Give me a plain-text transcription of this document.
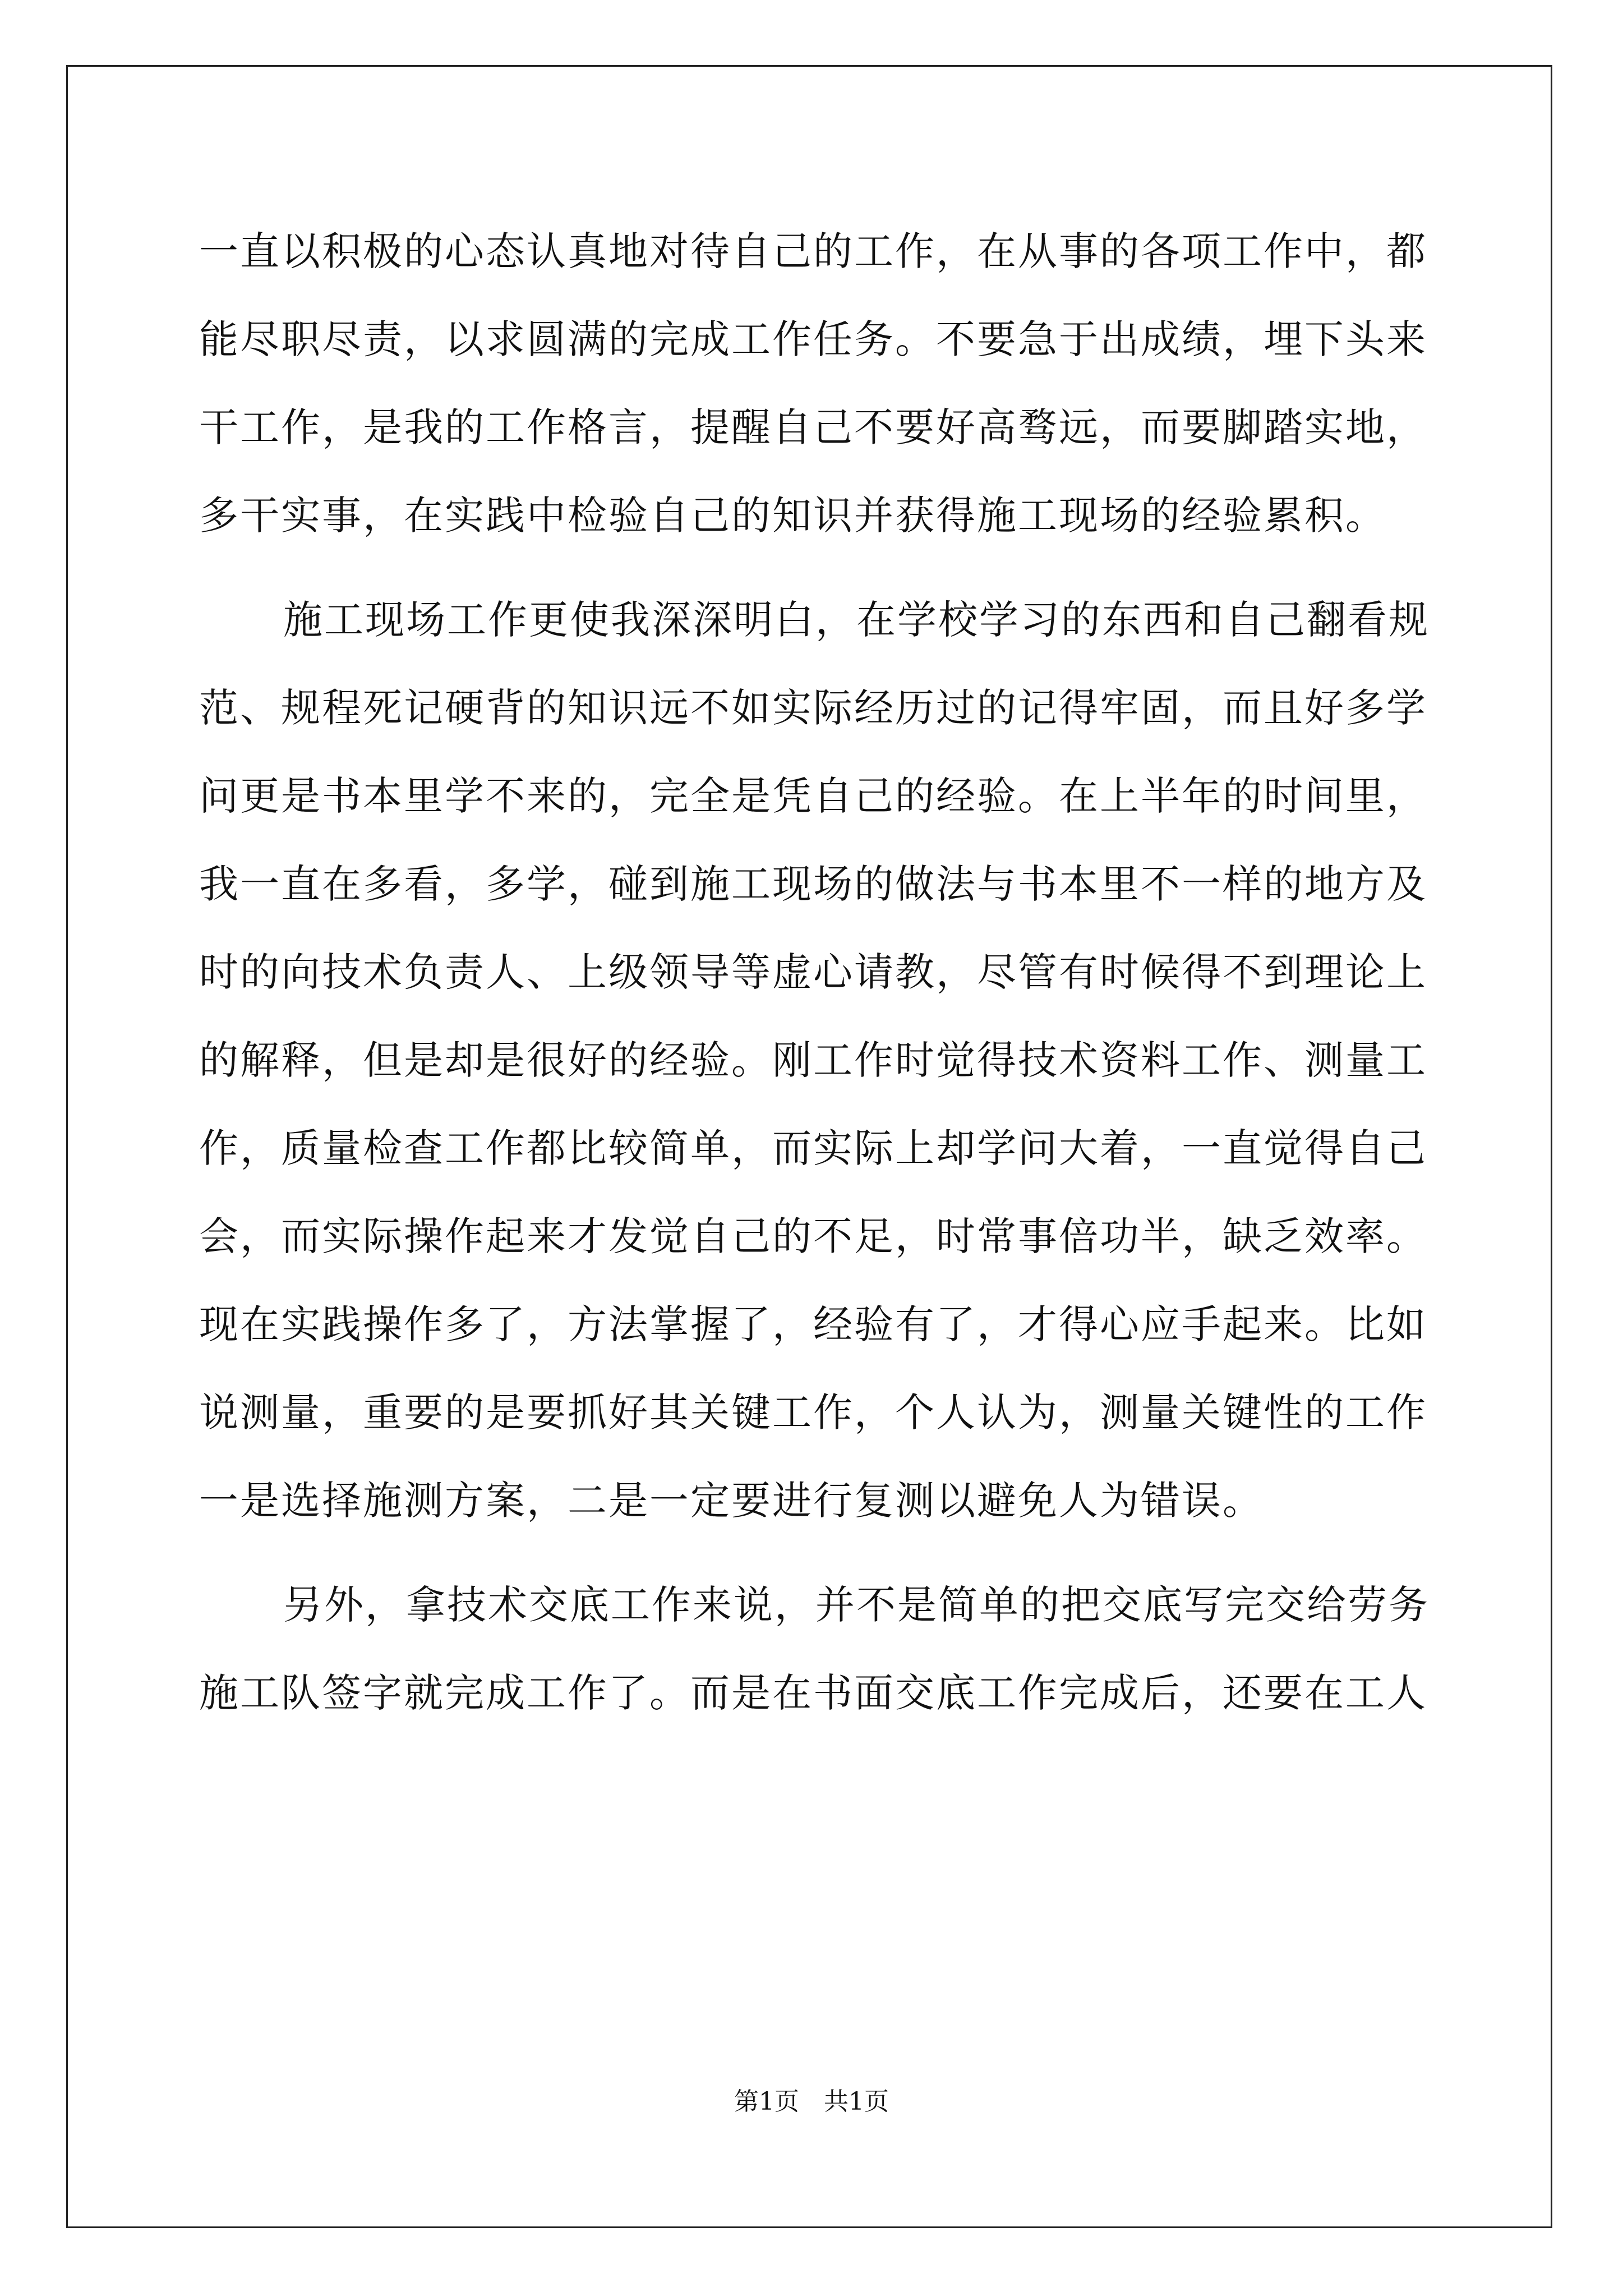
一直以积极的心态认真地对待自己的工作，在从事的各项工作中，都
能尽职尽责，以求圆满的完成工作任务。不要急于出成绩，埋下头来
干工作，是我的工作格言，提醒自己不要好高骛远，而要脚踏实地，
多干实事，在实践中检验自己的知识并获得施工现场的经验累积。
施工现场工作更使我深深明白，在学校学习的东西和自己翻看规
范、规程死记硬背的知识远不如实际经历过的记得牢固，而且好多学
问更是书本里学不来的，完全是凭自己的经验。在上半年的时间里，
我一直在多看，多学，碰到施工现场的做法与书本里不一样的地方及
时的向技术负责人、上级领导等虚心请教，尽管有时候得不到理论上
的解释，但是却是很好的经验。刚工作时觉得技术资料工作、测量工
作，质量检查工作都比较简单，而实际上却学问大着，一直觉得自己
会，而实际操作起来才发觉自己的不足，时常事倍功半，缺乏效率。
现在实践操作多了，方法掌握了，经验有了，才得心应手起来。比如
说测量，重要的是要抓好其关键工作，个人认为，测量关键性的工作
一是选择施测方案，二是一定要进行复测以避免人为错误。
另外，拿技术交底工作来说，并不是简单的把交底写完交给劳务
施工队签字就完成工作了。而是在书面交底工作完成后，还要在工人
第1页　共1页
